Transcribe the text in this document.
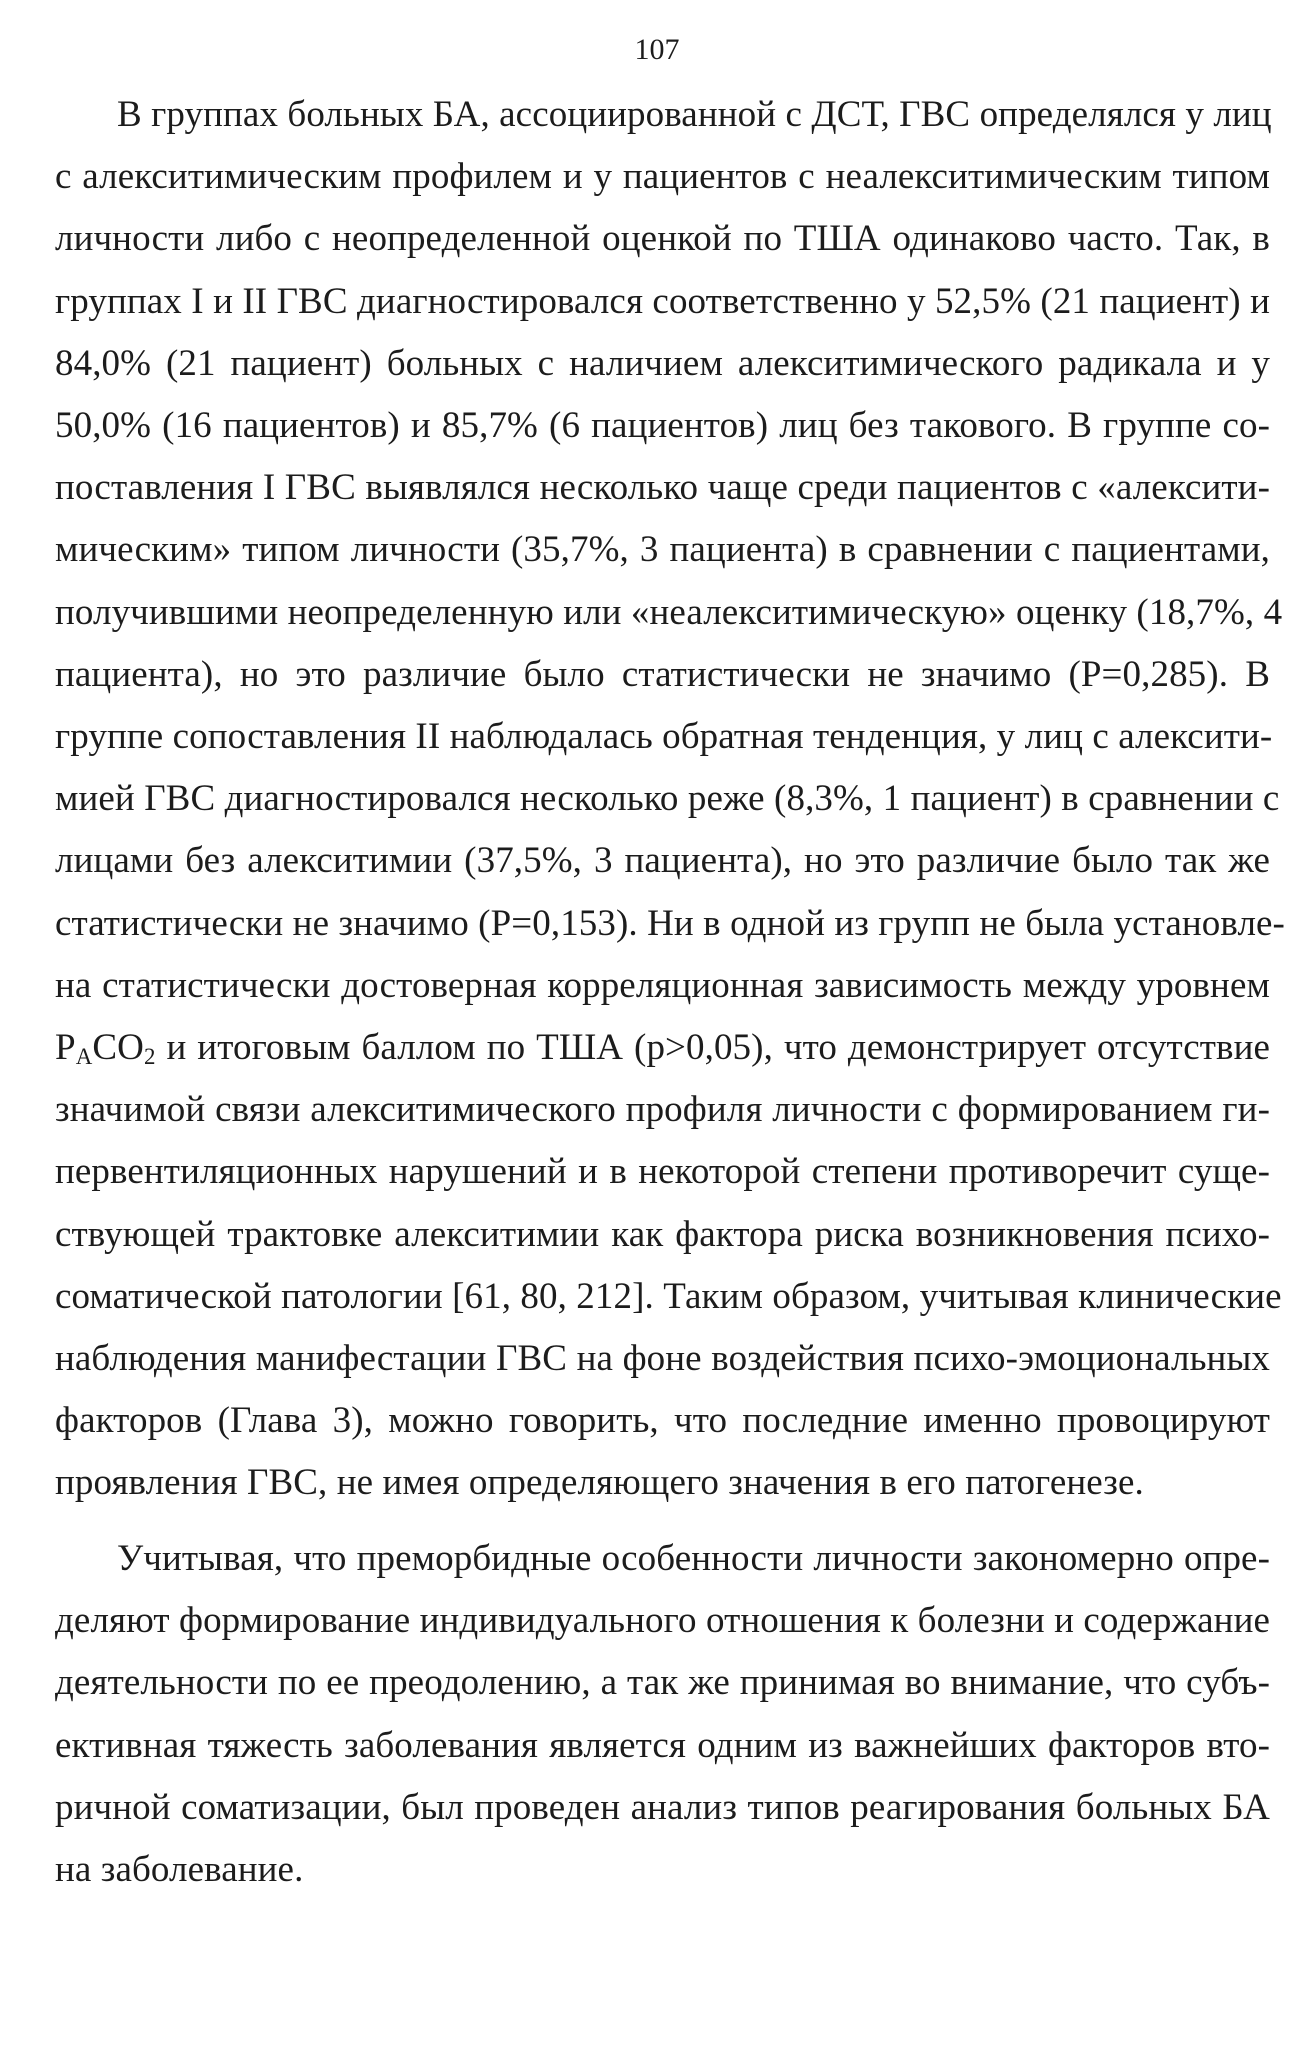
107
В группах больных БА, ассоциированной с ДСТ, ГВС определялся у лиц
с алекситимическим профилем и у пациентов с неалекситимическим типом
личности либо с неопределенной оценкой по ТША одинаково часто. Так, в
группах I и II ГВС диагностировался соответственно у 52,5% (21 пациент) и
84,0% (21 пациент) больных с наличием алекситимического радикала и у
50,0% (16 пациентов) и 85,7% (6 пациентов) лиц без такового. В группе со-
поставления I ГВС выявлялся несколько чаще среди пациентов с «алексити-
мическим» типом личности (35,7%, 3 пациента) в сравнении с пациентами,
получившими неопределенную или «неалекситимическую» оценку (18,7%, 4
пациента), но это различие было статистически не значимо (P=0,285). В
группе сопоставления II наблюдалась обратная тенденция, у лиц с алексити-
мией ГВС диагностировался несколько реже (8,3%, 1 пациент) в сравнении с
лицами без алекситимии (37,5%, 3 пациента), но это различие было так же
статистически не значимо (P=0,153). Ни в одной из групп не была установле-
на статистически достоверная корреляционная зависимость между уровнем
$P_ACO_2$ и итоговым баллом по ТША (p>0,05), что демонстрирует отсутствие
значимой связи алекситимического профиля личности с формированием ги-
первентиляционных нарушений и в некоторой степени противоречит суще-
ствующей трактовке алекситимии как фактора риска возникновения психо-
соматической патологии [61, 80, 212]. Таким образом, учитывая клинические
наблюдения манифестации ГВС на фоне воздействия психо-эмоциональных
факторов (Глава 3), можно говорить, что последние именно провоцируют
проявления ГВС, не имея определяющего значения в его патогенезе.
Учитывая, что преморбидные особенности личности закономерно опре-
деляют формирование индивидуального отношения к болезни и содержание
деятельности по ее преодолению, а так же принимая во внимание, что субъ-
ективная тяжесть заболевания является одним из важнейших факторов вто-
ричной соматизации, был проведен анализ типов реагирования больных БА
на заболевание.
